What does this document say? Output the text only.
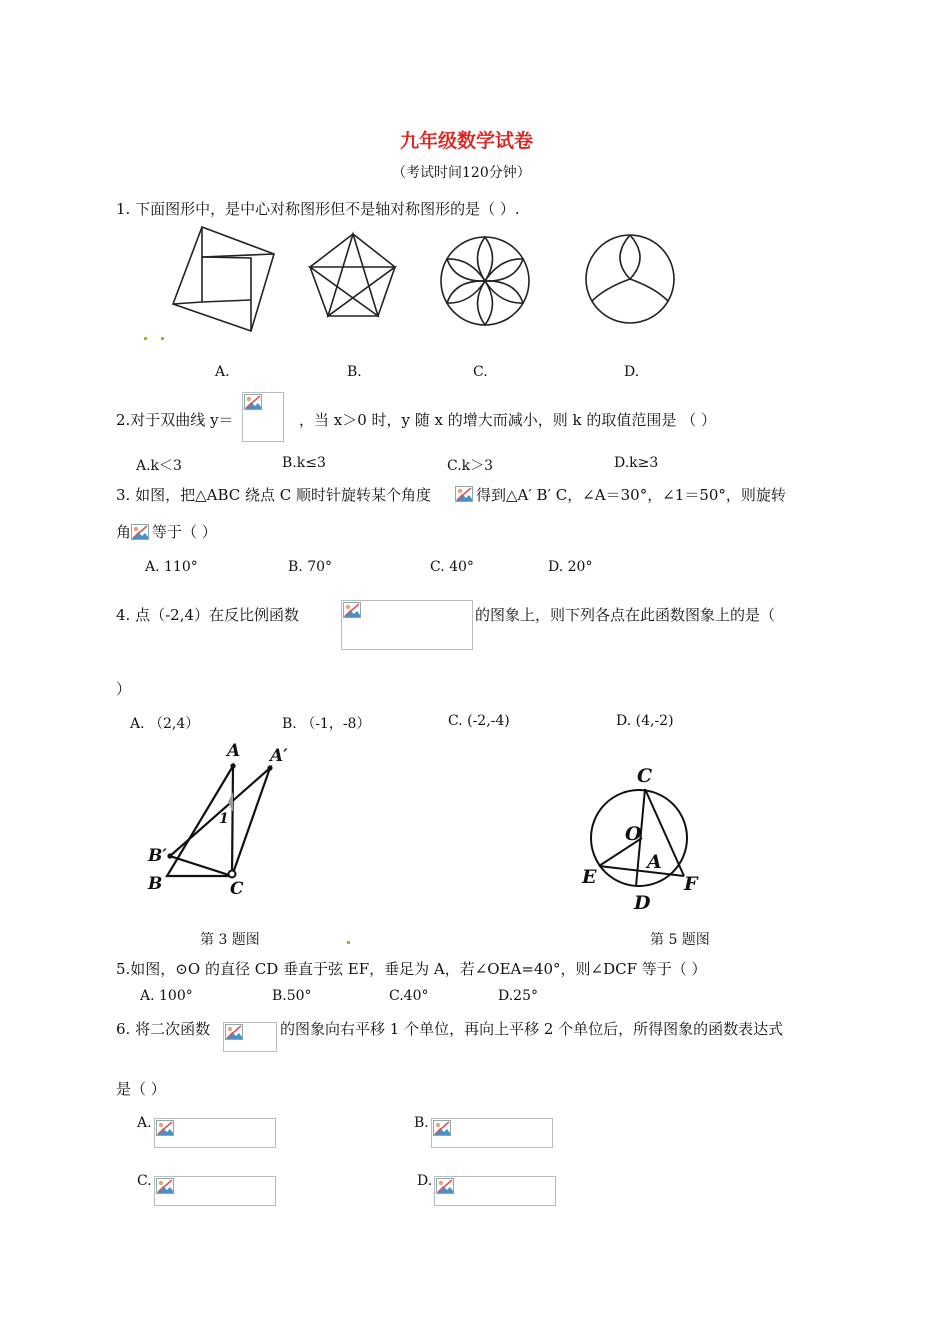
九年级数学试卷
（考试时间120分钟）
1. 下面图形中，是中心对称图形但不是轴对称图形的是（ ）.
A.	B.	C.	D.
2.对于双曲线 y＝	，当 x＞0 时，y 随 x 的增大而减小，则 k 的取值范围是 （ ）
A.k＜3	B.k≤3	C.k＞3	D.k≥3
3. 如图，把△ABC 绕点 C 顺时针旋转某个角度	得到△A′ B′ C，∠A＝30°，∠1＝50°，则旋转
角 等于（ ）
A. 110°	B. 70°	C. 40°	D. 20°
4. 点（-2,4）在反比例函数	的图象上，则下列各点在此函数图象上的是（
）
A. （2,4）	B. （-1，-8）	C. (-2,-4)	D. (4,-2)
A A′
1
B′
B	C
C
O
A
E	F
D
第 3 题图	第 5 题图
5.如图，⊙O 的直径 CD 垂直于弦 EF，垂足为 A，若∠OEA=40°，则∠DCF 等于（ ）
A. 100°	B.50°	C.40°	D.25°
6. 将二次函数	的图象向右平移 1 个单位，再向上平移 2 个单位后，所得图象的函数表达式
是（ ）
A.	B.
C.	D.
